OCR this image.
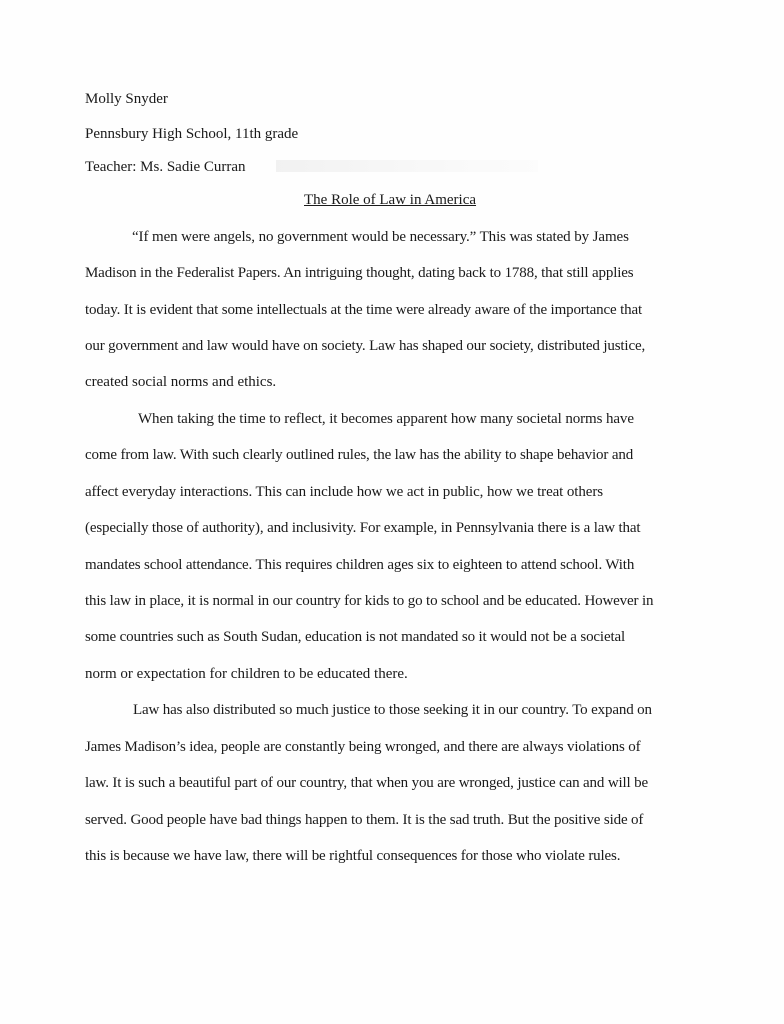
Molly Snyder
Pennsbury High School, 11th grade
Teacher: Ms. Sadie Curran
The Role of Law in America
“If men were angels, no government would be necessary.” This was stated by James
Madison in the Federalist Papers. An intriguing thought, dating back to 1788, that still applies
today. It is evident that some intellectuals at the time were already aware of the importance that
our government and law would have on society. Law has shaped our society, distributed justice,
created social norms and ethics.
When taking the time to reflect, it becomes apparent how many societal norms have
come from law. With such clearly outlined rules, the law has the ability to shape behavior and
affect everyday interactions. This can include how we act in public, how we treat others
(especially those of authority), and inclusivity. For example, in Pennsylvania there is a law that
mandates school attendance. This requires children ages six to eighteen to attend school. With
this law in place, it is normal in our country for kids to go to school and be educated. However in
some countries such as South Sudan, education is not mandated so it would not be a societal
norm or expectation for children to be educated there.
Law has also distributed so much justice to those seeking it in our country. To expand on
James Madison’s idea, people are constantly being wronged, and there are always violations of
law. It is such a beautiful part of our country, that when you are wronged, justice can and will be
served. Good people have bad things happen to them. It is the sad truth. But the positive side of
this is because we have law, there will be rightful consequences for those who violate rules.
